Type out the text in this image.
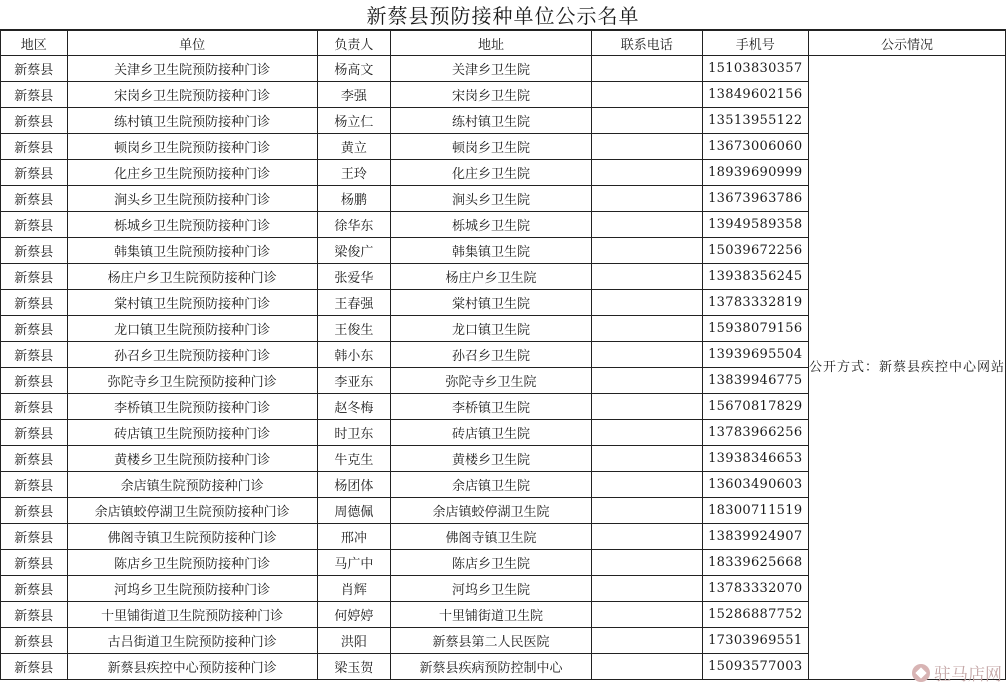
新蔡县预防接种单位公示名单
地区	单位	负责人	地址	联系电话	手机号	公示情况
新蔡县	关津乡卫生院预防接种门诊	杨高文	关津乡卫生院		15103830357	公开方式：新蔡县疾控中心网站
新蔡县	宋岗乡卫生院预防接种门诊	李强	宋岗乡卫生院		13849602156	
新蔡县	练村镇卫生院预防接种门诊	杨立仁	练村镇卫生院		13513955122	
新蔡县	顿岗乡卫生院预防接种门诊	黄立	顿岗乡卫生院		13673006060	
新蔡县	化庄乡卫生院预防接种门诊	王玲	化庄乡卫生院		18939690999	
新蔡县	涧头乡卫生院预防接种门诊	杨鹏	涧头乡卫生院		13673963786	
新蔡县	栎城乡卫生院预防接种门诊	徐华东	栎城乡卫生院		13949589358	
新蔡县	韩集镇卫生院预防接种门诊	梁俊广	韩集镇卫生院		15039672256	
新蔡县	杨庄户乡卫生院预防接种门诊	张爱华	杨庄户乡卫生院		13938356245	
新蔡县	棠村镇卫生院预防接种门诊	王春强	棠村镇卫生院		13783332819	
新蔡县	龙口镇卫生院预防接种门诊	王俊生	龙口镇卫生院		15938079156	
新蔡县	孙召乡卫生院预防接种门诊	韩小东	孙召乡卫生院		13939695504	
新蔡县	弥陀寺乡卫生院预防接种门诊	李亚东	弥陀寺乡卫生院		13839946775	
新蔡县	李桥镇卫生院预防接种门诊	赵冬梅	李桥镇卫生院		15670817829	
新蔡县	砖店镇卫生院预防接种门诊	时卫东	砖店镇卫生院		13783966256	
新蔡县	黄楼乡卫生院预防接种门诊	牛克生	黄楼乡卫生院		13938346653	
新蔡县	余店镇生院预防接种门诊	杨团体	余店镇卫生院		13603490603	
新蔡县	余店镇蛟停湖卫生院预防接种门诊	周德佩	余店镇蛟停湖卫生院		18300711519	
新蔡县	佛阁寺镇卫生院预防接种门诊	邢冲	佛阁寺镇卫生院		13839924907	
新蔡县	陈店乡卫生院预防接种门诊	马广中	陈店乡卫生院		18339625668	
新蔡县	河坞乡卫生院预防接种门诊	肖辉	河坞乡卫生院		13783332070	
新蔡县	十里铺街道卫生院预防接种门诊	何婷婷	十里铺街道卫生院		15286887752	
新蔡县	古吕街道卫生院预防接种门诊	洪阳	新蔡县第二人民医院		17303969551	
新蔡县	新蔡县疾控中心预防接种门诊	梁玉贺	新蔡县疾病预防控制中心		15093577003		驻马店网
